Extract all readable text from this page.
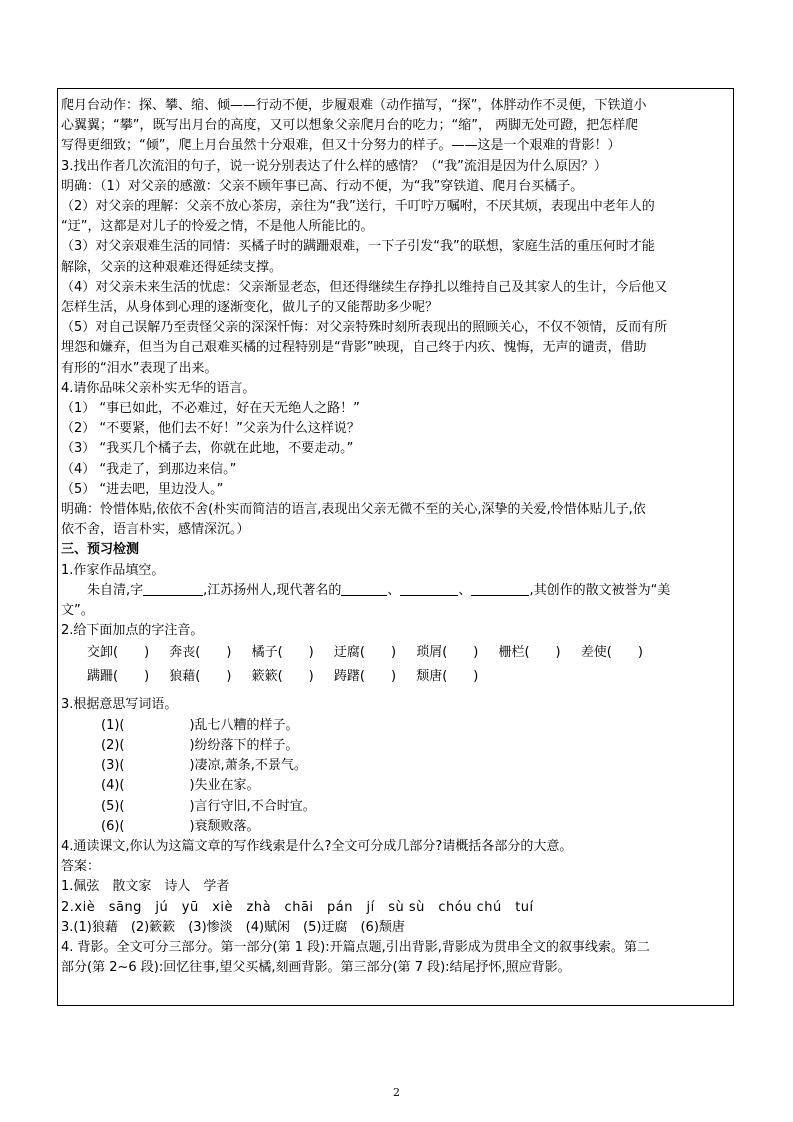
爬月台动作：探、攀、缩、倾——行动不便，步履艰难（动作描写，“探”，体胖动作不灵便，下铁道小
心翼翼；“攀”，既写出月台的高度，又可以想象父亲爬月台的吃力；“缩”， 两脚无处可蹬，把怎样爬
写得更细致；“倾”，爬上月台虽然十分艰难，但又十分努力的样子。——这是一个艰难的背影！）
3.找出作者几次流泪的句子，说一说分别表达了什么样的感情？（“我”流泪是因为什么原因？）
明确：（1）对父亲的感激：父亲不顾年事已高、行动不便，为“我”穿铁道、爬月台买橘子。
（2）对父亲的理解：父亲不放心茶房，亲往为“我”送行，千叮咛万嘱咐，不厌其烦，表现出中老年人的
“迂”，这都是对儿子的怜爱之情，不是他人所能比的。
（3）对父亲艰难生活的同情：买橘子时的蹒跚艰难，一下子引发“我”的联想，家庭生活的重压何时才能
解除，父亲的这种艰难还得延续支撑。
（4）对父亲未来生活的忧虑：父亲渐显老态，但还得继续生存挣扎以维持自己及其家人的生计，今后他又
怎样生活，从身体到心理的逐渐变化，做儿子的又能帮助多少呢？
（5）对自己误解乃至责怪父亲的深深忏悔：对父亲特殊时刻所表现出的照顾关心，不仅不领情，反而有所
埋怨和嫌弃，但当为自己艰难买橘的过程特别是“背影”映现，自己终于内疚、愧悔，无声的谴责，借助
有形的“泪水”表现了出来。
4.请你品味父亲朴实无华的语言。
（1） “事已如此，不必难过，好在天无绝人之路！”
（2） “不要紧，他们去不好！”父亲为什么这样说？
（3） “我买几个橘子去，你就在此地，不要走动。”
（4） “我走了，到那边来信。”
（5） “进去吧，里边没人。”
明确：怜惜体贴,依依不舍(朴实而简洁的语言,表现出父亲无微不至的关心,深挚的关爱,怜惜体贴儿子,依
依不舍，语言朴实，感情深沉。）
三、预习检测
1.作家作品填空。
朱自清,字	,江苏扬州人,现代著名的	、	、	,其创作的散文被誉为“美
文”。
2.给下面加点的字注音。
交卸(　　) 奔丧(　　) 橘子(　　) 迂腐(　　) 琐屑(　　) 栅栏(　　) 差使(　　)
蹒跚(　　) 狼藉(　　) 簌簌(　　) 踌躇(　　) 颓唐(　　)
3.根据意思写词语。
(1)(　　　　　)乱七八糟的样子。
(2)(　　　　　)纷纷落下的样子。
(3)(　　　　　)凄凉,萧条,不景气。
(4)(　　　　　)失业在家。
(5)(　　　　　)言行守旧,不合时宜。
(6)(　　　　　)衰颓败落。
4.通读课文,你认为这篇文章的写作线索是什么?全文可分成几部分?请概括各部分的大意。
答案：
1.佩弦　散文家　诗人　学者
2.xiè　sāng　jú　yū　xiè　zhà　chāi　pán　jí　sù sù　chóu chú　tuí
3.(1)狼藉　(2)簌簌　(3)惨淡　(4)赋闲　(5)迂腐　(6)颓唐
4. 背影。全文可分三部分。第一部分(第 1 段):开篇点题,引出背影,背影成为贯串全文的叙事线索。第二
部分(第 2~6 段):回忆往事,望父买橘,刻画背影。第三部分(第 7 段):结尾抒怀,照应背影。
2
